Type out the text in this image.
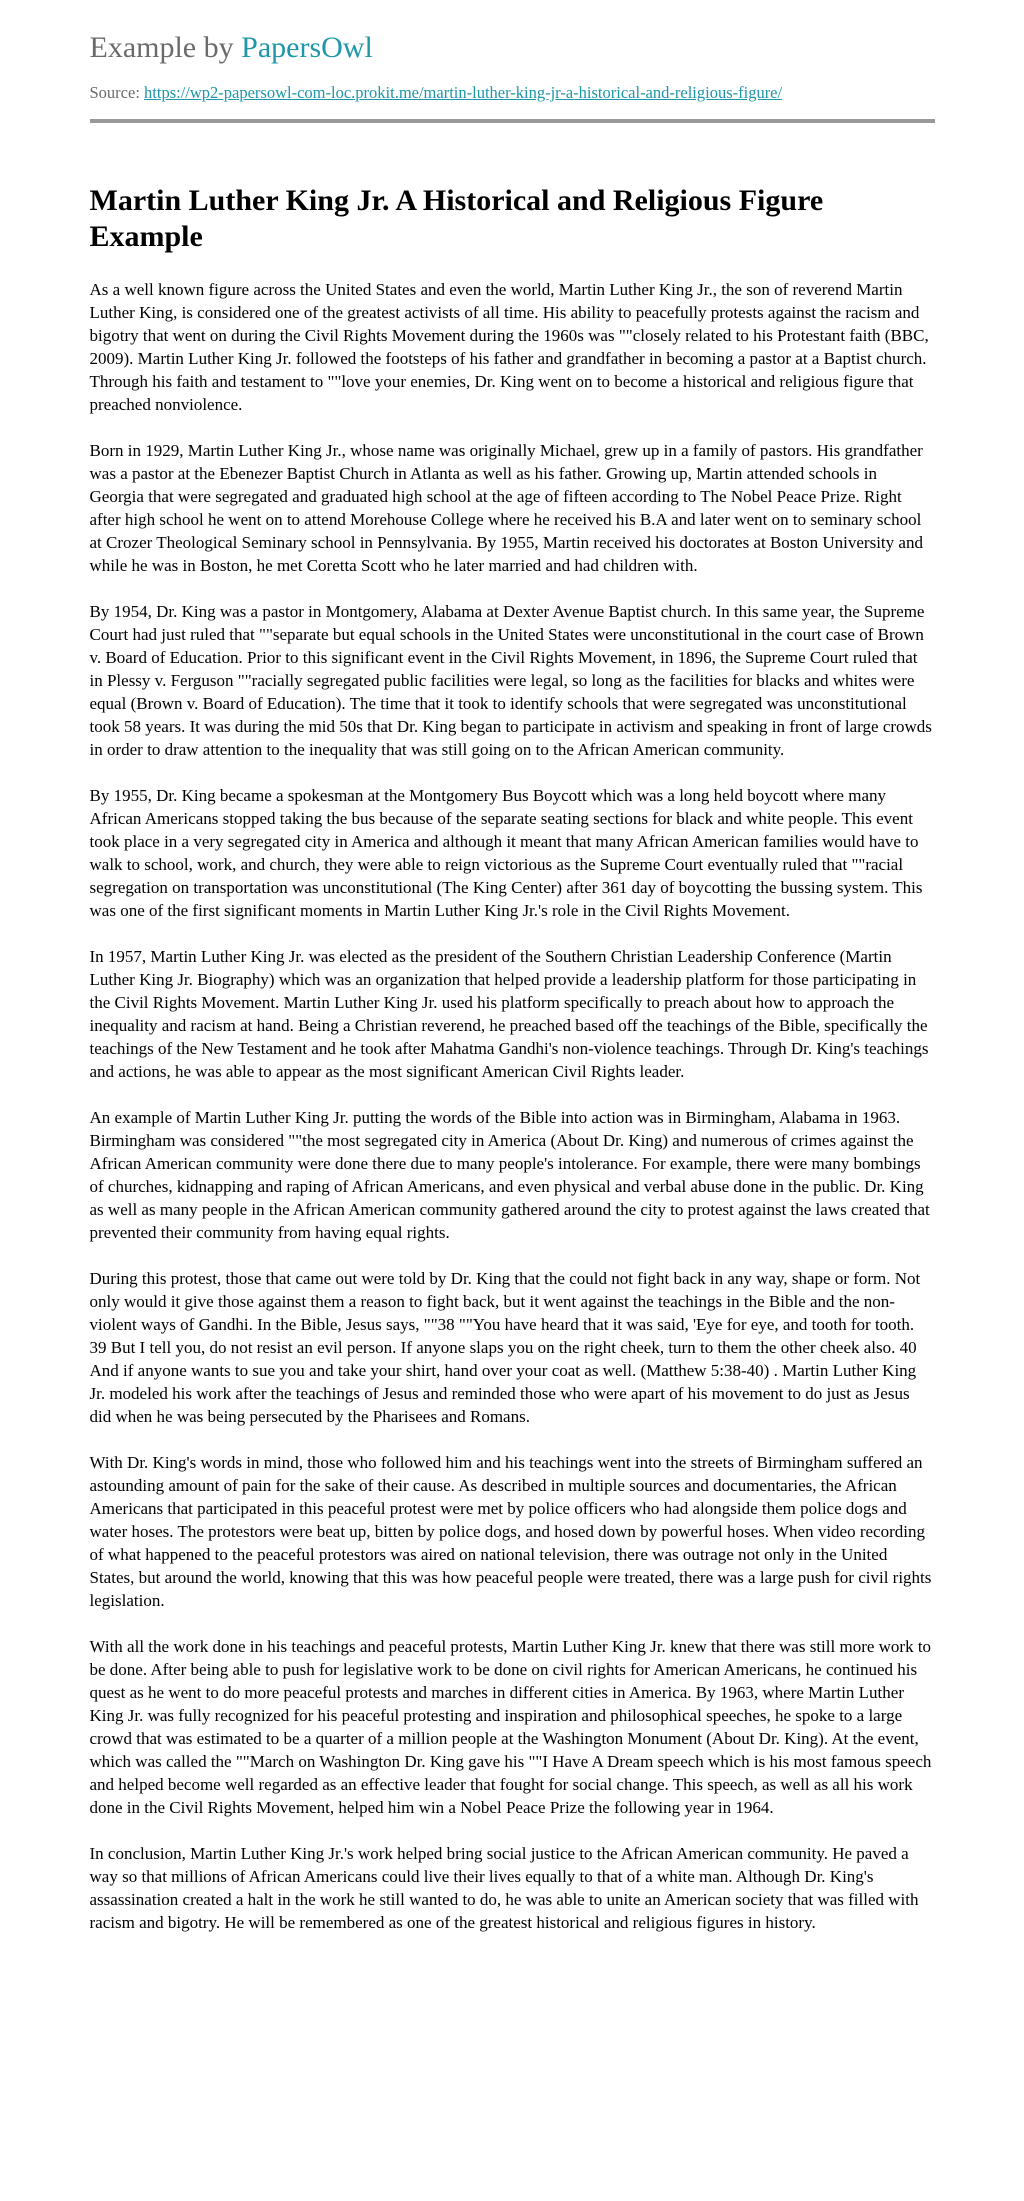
Example by PapersOwl
Source: https://wp2-papersowl-com-loc.prokit.me/martin-luther-king-jr-a-historical-and-religious-figure/
Martin Luther King Jr. A Historical and Religious Figure Example

As a well known figure across the United States and even the world, Martin Luther King Jr., the son of reverend Martin Luther King, is considered one of the greatest activists of all time. His ability to peacefully protests against the racism and bigotry that went on during the Civil Rights Movement during the 1960s was ""closely related to his Protestant faith (BBC, 2009). Martin Luther King Jr. followed the footsteps of his father and grandfather in becoming a pastor at a Baptist church. Through his faith and testament to ""love your enemies, Dr. King went on to become a historical and religious figure that preached nonviolence.

Born in 1929, Martin Luther King Jr., whose name was originally Michael, grew up in a family of pastors. His grandfather was a pastor at the Ebenezer Baptist Church in Atlanta as well as his father. Growing up, Martin attended schools in Georgia that were segregated and graduated high school at the age of fifteen according to The Nobel Peace Prize. Right after high school he went on to attend Morehouse College where he received his B.A and later went on to seminary school at Crozer Theological Seminary school in Pennsylvania. By 1955, Martin received his doctorates at Boston University and while he was in Boston, he met Coretta Scott who he later married and had children with.

By 1954, Dr. King was a pastor in Montgomery, Alabama at Dexter Avenue Baptist church. In this same year, the Supreme Court had just ruled that ""separate but equal schools in the United States were unconstitutional in the court case of Brown v. Board of Education. Prior to this significant event in the Civil Rights Movement, in 1896, the Supreme Court ruled that in Plessy v. Ferguson ""racially segregated public facilities were legal, so long as the facilities for blacks and whites were equal (Brown v. Board of Education). The time that it took to identify schools that were segregated was unconstitutional took 58 years. It was during the mid 50s that Dr. King began to participate in activism and speaking in front of large crowds in order to draw attention to the inequality that was still going on to the African American community.

By 1955, Dr. King became a spokesman at the Montgomery Bus Boycott which was a long held boycott where many African Americans stopped taking the bus because of the separate seating sections for black and white people. This event took place in a very segregated city in America and although it meant that many African American families would have to walk to school, work, and church, they were able to reign victorious as the Supreme Court eventually ruled that ""racial segregation on transportation was unconstitutional (The King Center) after 361 day of boycotting the bussing system. This was one of the first significant moments in Martin Luther King Jr.'s role in the Civil Rights Movement.

In 1957, Martin Luther King Jr. was elected as the president of the Southern Christian Leadership Conference (Martin Luther King Jr. Biography) which was an organization that helped provide a leadership platform for those participating in the Civil Rights Movement. Martin Luther King Jr. used his platform specifically to preach about how to approach the inequality and racism at hand. Being a Christian reverend, he preached based off the teachings of the Bible, specifically the teachings of the New Testament and he took after Mahatma Gandhi's non-violence teachings. Through Dr. King's teachings and actions, he was able to appear as the most significant American Civil Rights leader.

An example of Martin Luther King Jr. putting the words of the Bible into action was in Birmingham, Alabama in 1963. Birmingham was considered ""the most segregated city in America (About Dr. King) and numerous of crimes against the African American community were done there due to many people's intolerance. For example, there were many bombings of churches, kidnapping and raping of African Americans, and even physical and verbal abuse done in the public. Dr. King as well as many people in the African American community gathered around the city to protest against the laws created that prevented their community from having equal rights.

During this protest, those that came out were told by Dr. King that the could not fight back in any way, shape or form. Not only would it give those against them a reason to fight back, but it went against the teachings in the Bible and the non-violent ways of Gandhi. In the Bible, Jesus says, ""38 ""You have heard that it was said, 'Eye for eye, and tooth for tooth. 39 But I tell you, do not resist an evil person. If anyone slaps you on the right cheek, turn to them the other cheek also. 40 And if anyone wants to sue you and take your shirt, hand over your coat as well. (Matthew 5:38-40) . Martin Luther King Jr. modeled his work after the teachings of Jesus and reminded those who were apart of his movement to do just as Jesus did when he was being persecuted by the Pharisees and Romans.

With Dr. King's words in mind, those who followed him and his teachings went into the streets of Birmingham suffered an astounding amount of pain for the sake of their cause. As described in multiple sources and documentaries, the African Americans that participated in this peaceful protest were met by police officers who had alongside them police dogs and water hoses. The protestors were beat up, bitten by police dogs, and hosed down by powerful hoses. When video recording of what happened to the peaceful protestors was aired on national television, there was outrage not only in the United States, but around the world, knowing that this was how peaceful people were treated, there was a large push for civil rights legislation.

With all the work done in his teachings and peaceful protests, Martin Luther King Jr. knew that there was still more work to be done. After being able to push for legislative work to be done on civil rights for American Americans, he continued his quest as he went to do more peaceful protests and marches in different cities in America. By 1963, where Martin Luther King Jr. was fully recognized for his peaceful protesting and inspiration and philosophical speeches, he spoke to a large crowd that was estimated to be a quarter of a million people at the Washington Monument (About Dr. King). At the event, which was called the ""March on Washington Dr. King gave his ""I Have A Dream speech which is his most famous speech and helped become well regarded as an effective leader that fought for social change. This speech, as well as all his work done in the Civil Rights Movement, helped him win a Nobel Peace Prize the following year in 1964.

In conclusion, Martin Luther King Jr.'s work helped bring social justice to the African American community. He paved a way so that millions of African Americans could live their lives equally to that of a white man. Although Dr. King's assassination created a halt in the work he still wanted to do, he was able to unite an American society that was filled with racism and bigotry. He will be remembered as one of the greatest historical and religious figures in history.
